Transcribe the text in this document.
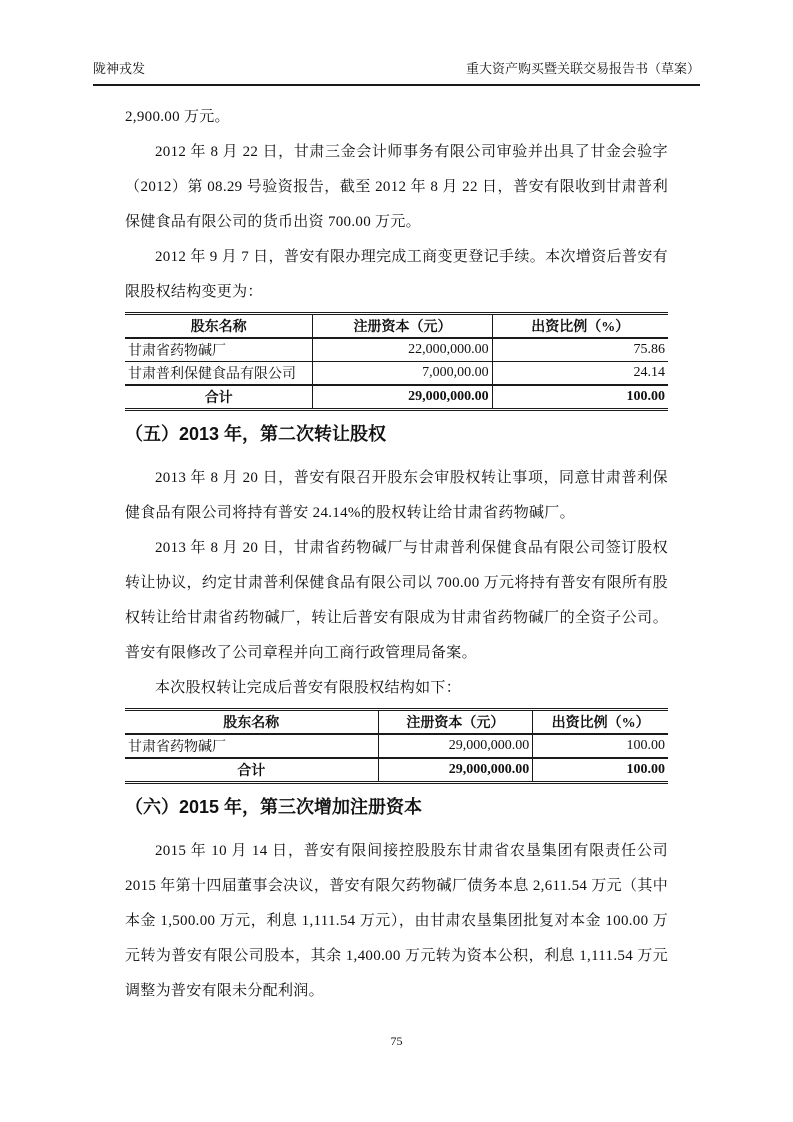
陇神戎发	重大资产购买暨关联交易报告书（草案）

2,900.00 万元。

2012 年 8 月 22 日，甘肃三金会计师事务有限公司审验并出具了甘金会验字（2012）第 08.29 号验资报告，截至 2012 年 8 月 22 日，普安有限收到甘肃普利保健食品有限公司的货币出资 700.00 万元。

2012 年 9 月 7 日，普安有限办理完成工商变更登记手续。本次增资后普安有限股权结构变更为：

股东名称	注册资本（元）	出资比例（%）
甘肃省药物碱厂	22,000,000.00	75.86
甘肃普利保健食品有限公司	7,000,00.00	24.14
合计	29,000,000.00	100.00
（五）2013 年，第二次转让股权

2013 年 8 月 20 日，普安有限召开股东会审股权转让事项，同意甘肃普利保健食品有限公司将持有普安 24.14%的股权转让给甘肃省药物碱厂。

2013 年 8 月 20 日，甘肃省药物碱厂与甘肃普利保健食品有限公司签订股权转让协议，约定甘肃普利保健食品有限公司以 700.00 万元将持有普安有限所有股权转让给甘肃省药物碱厂，转让后普安有限成为甘肃省药物碱厂的全资子公司。普安有限修改了公司章程并向工商行政管理局备案。

本次股权转让完成后普安有限股权结构如下：

股东名称	注册资本（元）	出资比例（%）
甘肃省药物碱厂	29,000,000.00	100.00
合计	29,000,000.00	100.00
（六）2015 年，第三次增加注册资本

2015 年 10 月 14 日，普安有限间接控股股东甘肃省农垦集团有限责任公司 2015 年第十四届董事会决议，普安有限欠药物碱厂债务本息 2,611.54 万元（其中本金 1,500.00 万元，利息 1,111.54 万元），由甘肃农垦集团批复对本金 100.00 万元转为普安有限公司股本，其余 1,400.00 万元转为资本公积，利息 1,111.54 万元调整为普安有限未分配利润。

75
